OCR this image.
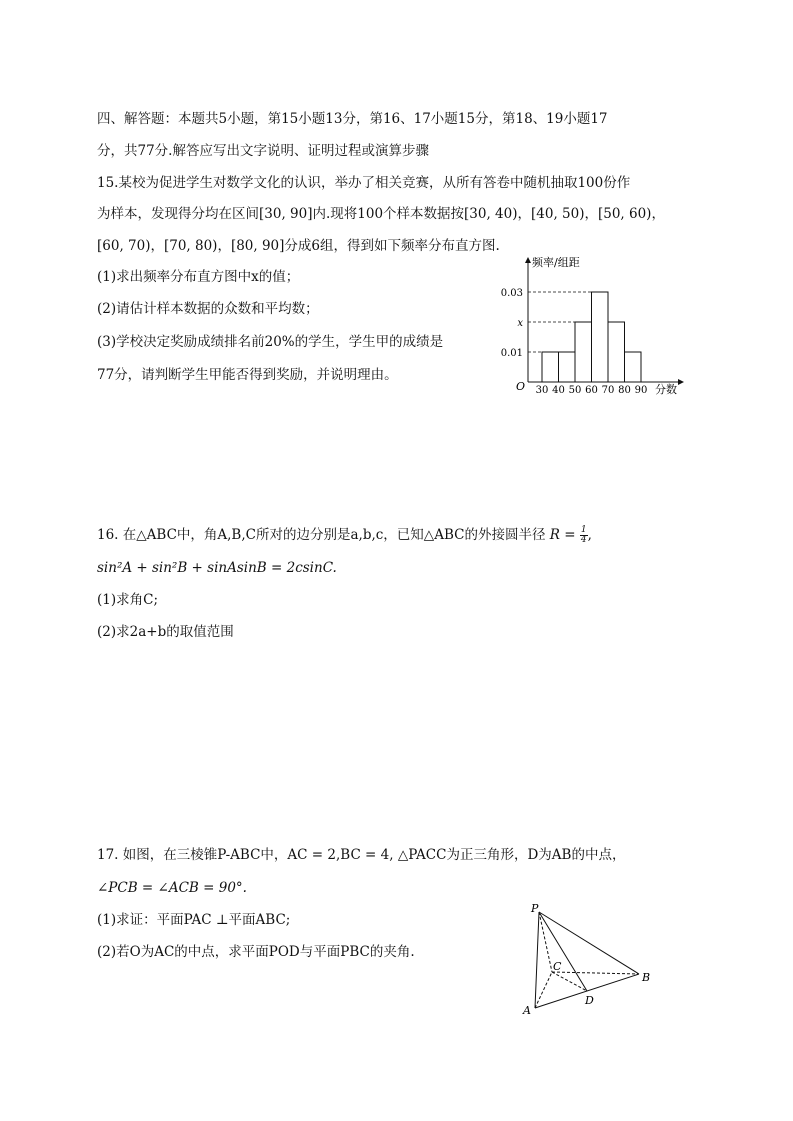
四、解答题：本题共5小题，第15小题13分，第16、17小题15分，第18、19小题17
分，共77分.解答应写出文字说明、证明过程或演算步骤
15.某校为促进学生对数学文化的认识，举办了相关竞赛，从所有答卷中随机抽取100份作
为样本，发现得分均在区间[30, 90]内.现将100个样本数据按[30, 40)，[40, 50)，[50, 60)，
[60, 70)，[70, 80)，[80, 90]分成6组，得到如下频率分布直方图.
(1)求出频率分布直方图中x的值；
(2)请估计样本数据的众数和平均数；
(3)学校决定奖励成绩排名前20%的学生，学生甲的成绩是
77分，请判断学生甲能否得到奖励，并说明理由。
频率/组距
分数
O
0.03
x
0.01
30 40 50 60 70 80 90
16. 在△ABC中，角A,B,C所对的边分别是a,b,c，已知△ABC的外接圆半径 $R = \frac{1}{4}$ ,
sin²A + sin²B + sinAsinB = 2csinC.
(1)求角C;
(2)求2a+b的取值范围
17. 如图，在三棱锥P-ABC中，AC = 2,BC = 4, △PACC为正三角形，D为AB的中点，
∠PCB = ∠ACB = 90°.
(1)求证：平面PAC ⊥平面ABC;
(2)若O为AC的中点，求平面POD与平面PBC的夹角.
P
A
B
C
D
